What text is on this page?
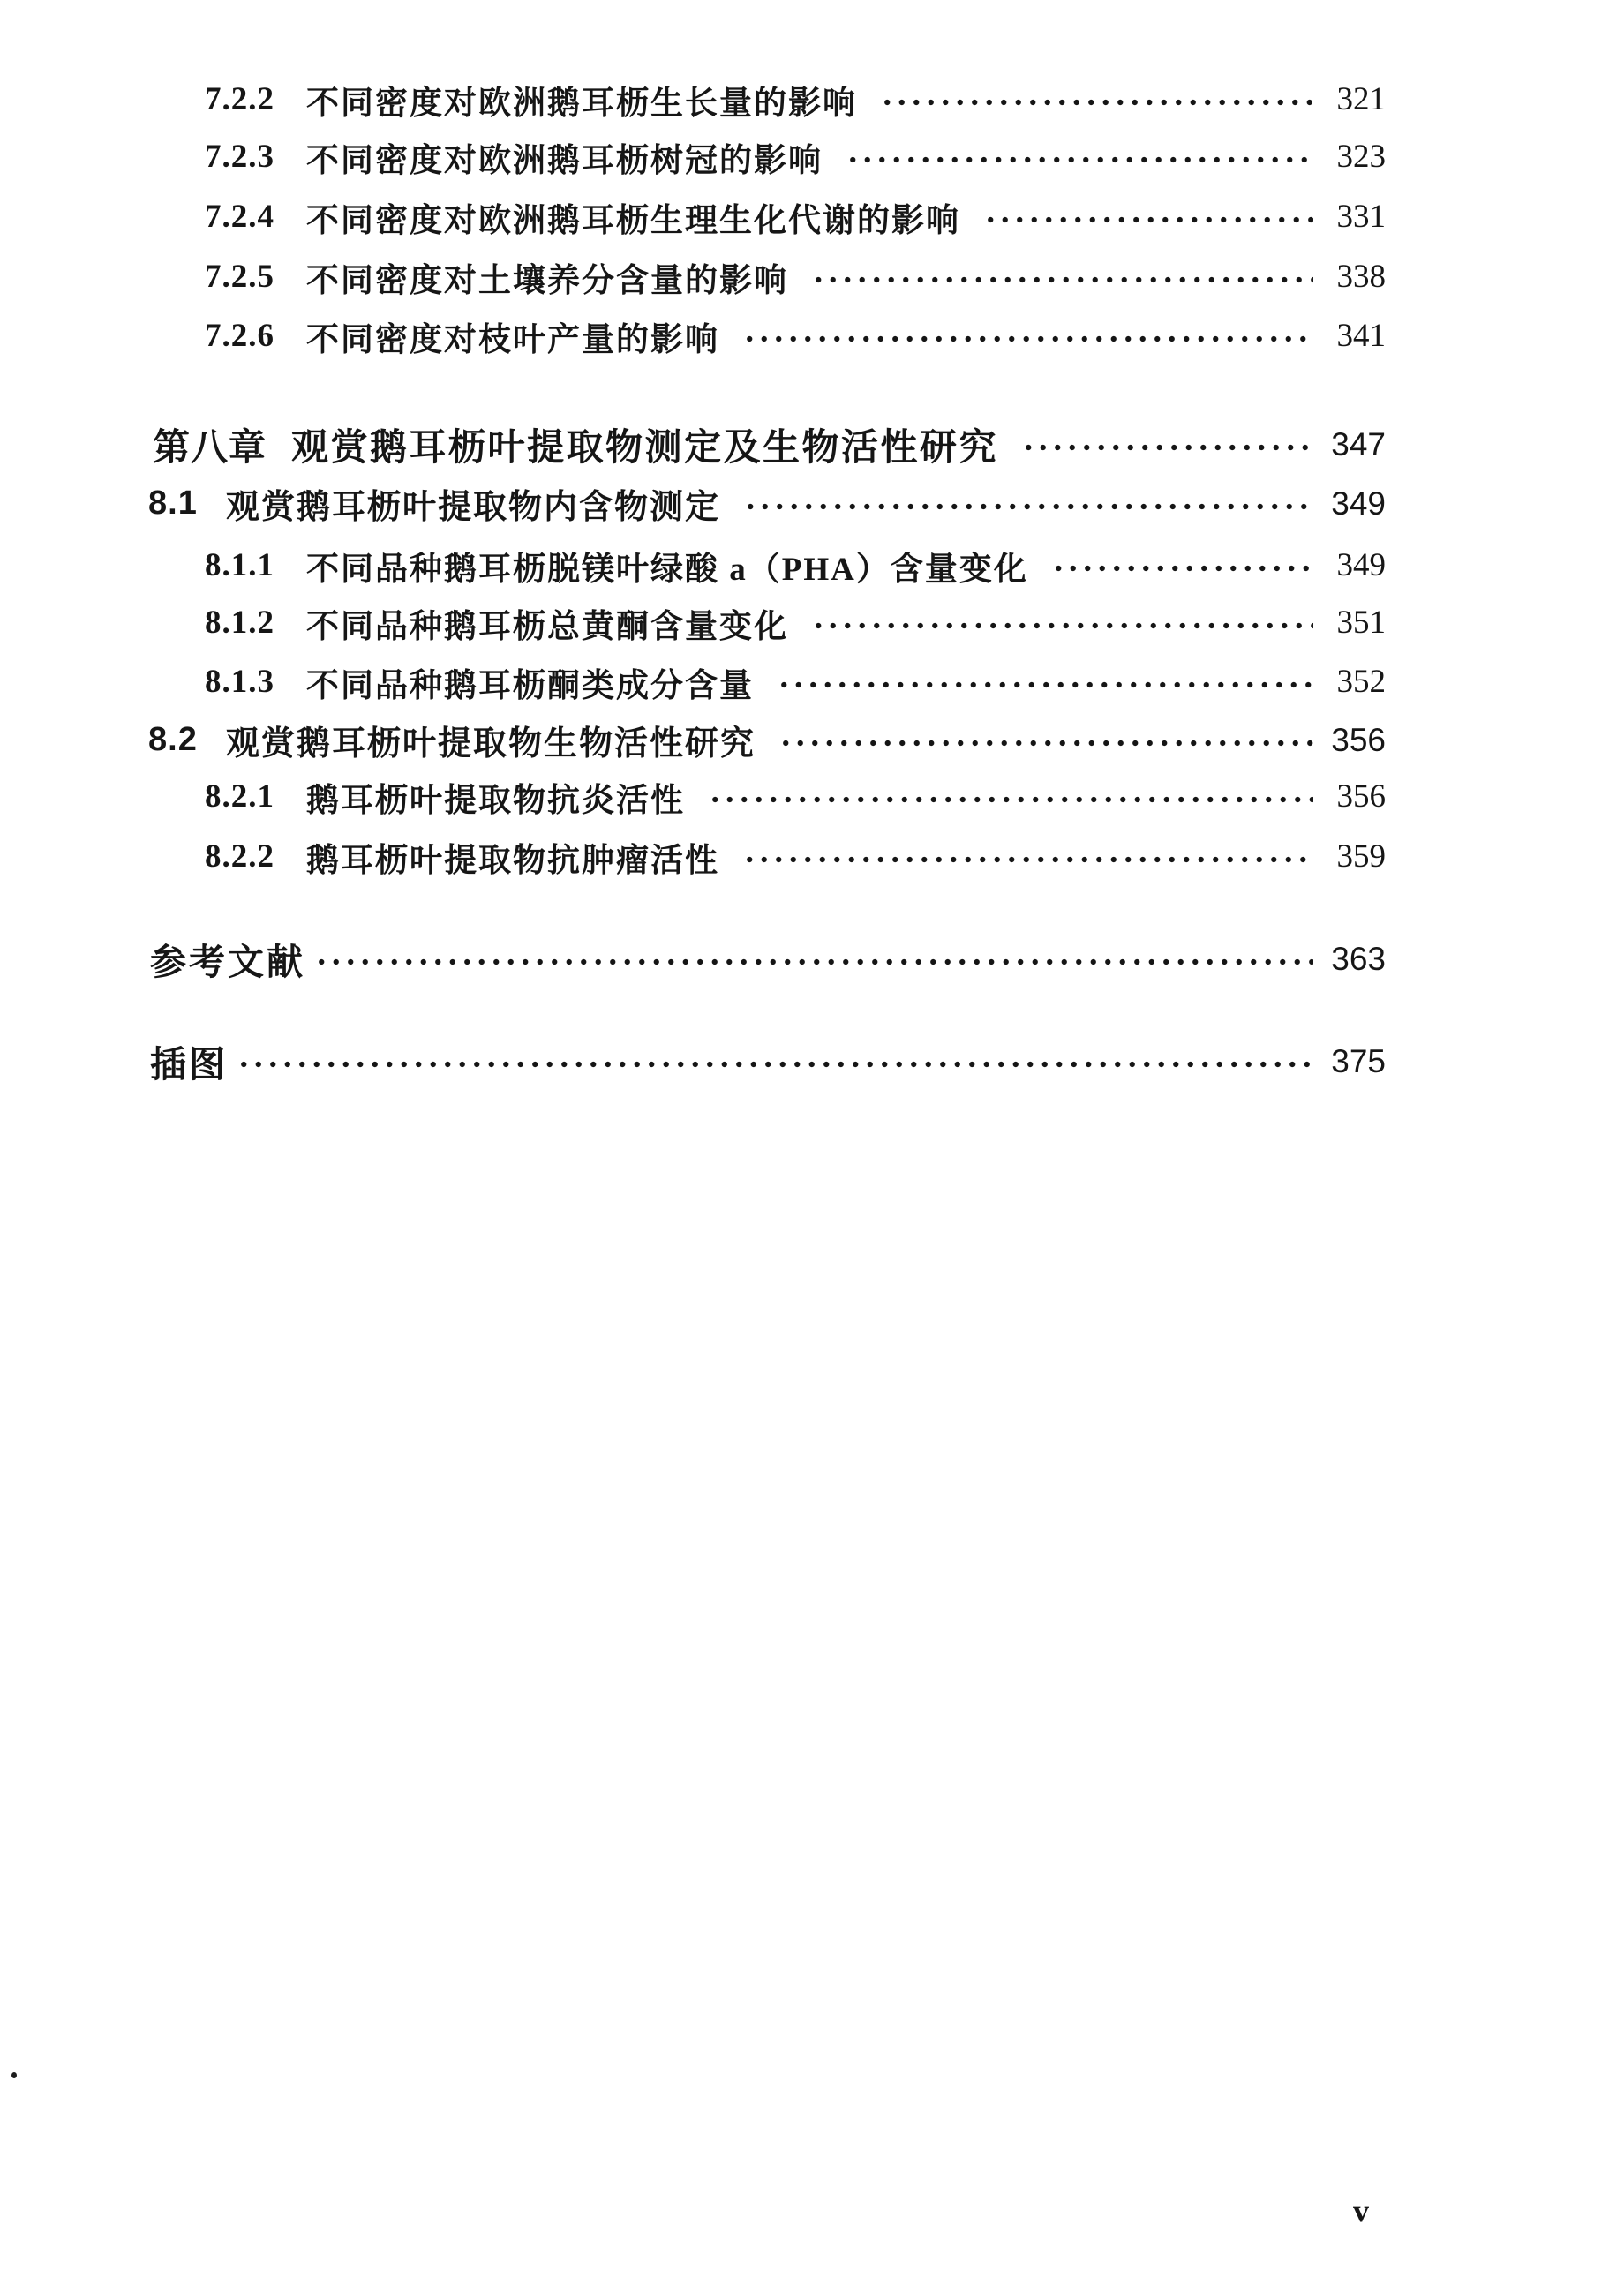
7.2.2 不同密度对欧洲鹅耳枥生长量的影响	321
7.2.3 不同密度对欧洲鹅耳枥树冠的影响	323
7.2.4 不同密度对欧洲鹅耳枥生理生化代谢的影响	331
7.2.5 不同密度对土壤养分含量的影响	338
7.2.6 不同密度对枝叶产量的影响	341
第八章 观赏鹅耳枥叶提取物测定及生物活性研究	347
8.1 观赏鹅耳枥叶提取物内含物测定	349
8.1.1 不同品种鹅耳枥脱镁叶绿酸 a（PHA）含量变化	349
8.1.2 不同品种鹅耳枥总黄酮含量变化	351
8.1.3 不同品种鹅耳枥酮类成分含量	352
8.2 观赏鹅耳枥叶提取物生物活性研究	356
8.2.1 鹅耳枥叶提取物抗炎活性	356
8.2.2 鹅耳枥叶提取物抗肿瘤活性	359
参考文献	363
插图	375
v
